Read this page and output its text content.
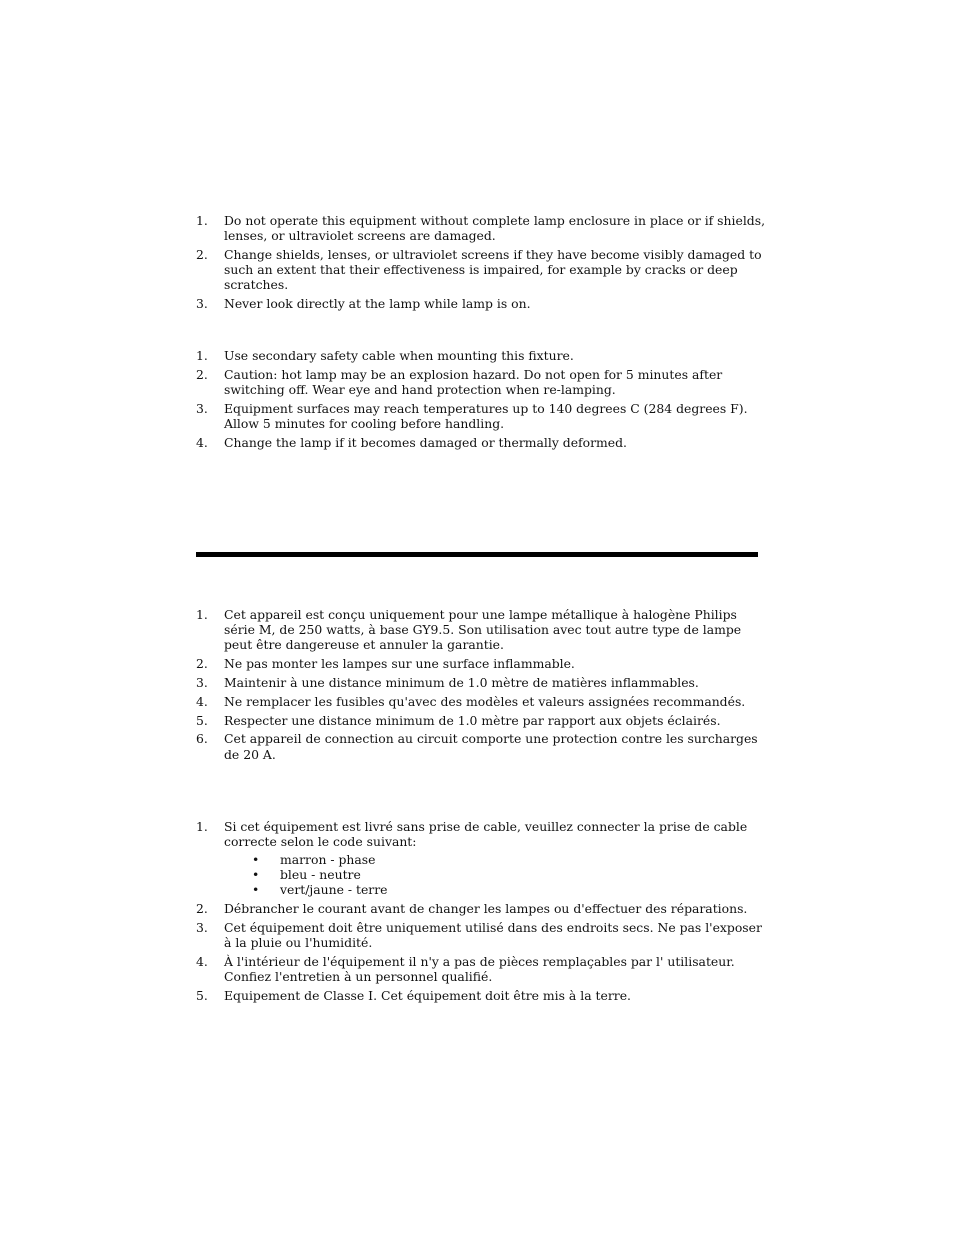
1. Do not operate this equipment without complete lamp enclosure in place or if shields, lenses, or ultraviolet screens are damaged.
2. Change shields, lenses, or ultraviolet screens if they have become visibly damaged to such an extent that their effectiveness is impaired, for example by cracks or deep scratches.
3. Never look directly at the lamp while lamp is on.
1. Use secondary safety cable when mounting this fixture.
2. Caution: hot lamp may be an explosion hazard. Do not open for 5 minutes after switching off. Wear eye and hand protection when re-lamping.
3. Equipment surfaces may reach temperatures up to 140 degrees C (284 degrees F). Allow 5 minutes for cooling before handling.
4. Change the lamp if it becomes damaged or thermally deformed.
1. Cet appareil est conçu uniquement pour une lampe métallique à halogène Philips série M, de 250 watts, à base GY9.5. Son utilisation avec tout autre type de lampe peut être dangereuse et annuler la garantie.
2. Ne pas monter les lampes sur une surface inflammable.
3. Maintenir à une distance minimum de 1.0 mètre de matières inflammables.
4. Ne remplacer les fusibles qu'avec des modèles et valeurs assignées recommandés.
5. Respecter une distance minimum de 1.0 mètre par rapport aux objets éclairés.
6. Cet appareil de connection au circuit comporte une protection contre les surcharges de 20 A.
1. Si cet équipement est livré sans prise de cable, veuillez connecter la prise de cable correcte selon le code suivant:
• marron - phase
• bleu - neutre
• vert/jaune - terre
2. Débrancher le courant avant de changer les lampes ou d'effectuer des réparations.
3. Cet équipement doit être uniquement utilisé dans des endroits secs. Ne pas l'exposer à la pluie ou l'humidité.
4. À l'intérieur de l'équipement il n'y a pas de pièces remplaçables par l' utilisateur. Confiez l'entretien à un personnel qualifié.
5. Equipement de Classe I. Cet équipement doit être mis à la terre.
